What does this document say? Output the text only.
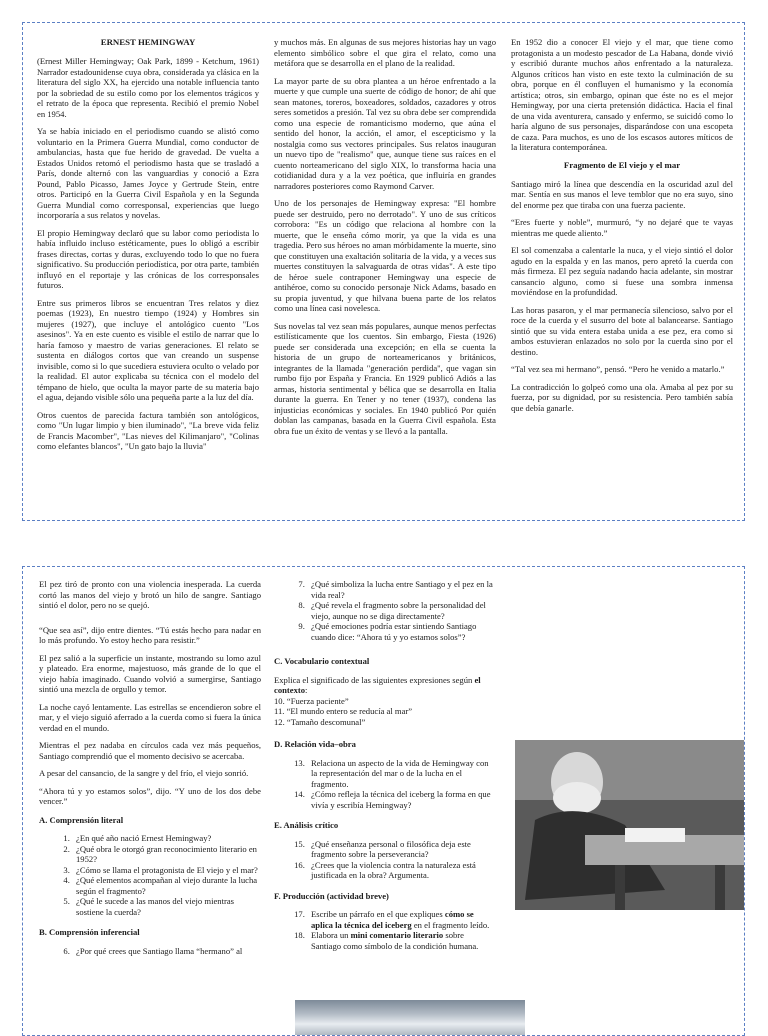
ERNEST HEMINGWAY

(Ernest Miller Hemingway; Oak Park, 1899 - Ketchum, 1961) Narrador estadounidense cuya obra, considerada ya clásica en la literatura del siglo XX, ha ejercido una notable influencia tanto por la sobriedad de su estilo como por los elementos trágicos y el retrato de la época que representa. Recibió el premio Nobel en 1954.

Ya se había iniciado en el periodismo cuando se alistó como voluntario en la Primera Guerra Mundial, como conductor de ambulancias, hasta que fue herido de gravedad. De vuelta a Estados Unidos retomó el periodismo hasta que se trasladó a París, donde alternó con las vanguardias y conoció a Ezra Pound, Pablo Picasso, James Joyce y Gertrude Stein, entre otros. Participó en la Guerra Civil Española y en la Segunda Guerra Mundial como corresponsal, experiencias que luego incorporaría a sus relatos y novelas.

El propio Hemingway declaró que su labor como periodista lo había influido incluso estéticamente, pues lo obligó a escribir frases directas, cortas y duras, excluyendo todo lo que no fuera significativo. Su producción periodística, por otra parte, también influyó en el reportaje y las crónicas de los corresponsales futuros.

Entre sus primeros libros se encuentran Tres relatos y diez poemas (1923), En nuestro tiempo (1924) y Hombres sin mujeres (1927), que incluye el antológico cuento "Los asesinos". Ya en este cuento es visible el estilo de narrar que lo haría famoso y maestro de varias generaciones. El relato se sustenta en diálogos cortos que van creando un suspense invisible, como si lo que sucediera estuviera oculto o velado por la realidad. El autor explicaba su técnica con el modelo del témpano de hielo, que oculta la mayor parte de su materia bajo el agua, dejando visible sólo una pequeña parte a la luz del día.

Otros cuentos de parecida factura también son antológicos, como "Un lugar limpio y bien iluminado", "La breve vida feliz de Francis Macomber", "Las nieves del Kilimanjaro", "Colinas como elefantes blancos", "Un gato bajo la lluvia"

y muchos más. En algunas de sus mejores historias hay un vago elemento simbólico sobre el que gira el relato, como una metáfora que se desarrolla en el plano de la realidad.

La mayor parte de su obra plantea a un héroe enfrentado a la muerte y que cumple una suerte de código de honor; de ahí que sean matones, toreros, boxeadores, soldados, cazadores y otros seres sometidos a presión. Tal vez su obra debe ser comprendida como una especie de romanticismo moderno, que aúna el sentido del honor, la acción, el amor, el escepticismo y la nostalgia como sus vectores principales. Sus relatos inauguran un nuevo tipo de "realismo" que, aunque tiene sus raíces en el cuento norteamericano del siglo XIX, lo transforma hacia una cotidianidad dura y a la vez poética, que influiría en grandes narradores posteriores como Raymond Carver.

Uno de los personajes de Hemingway expresa: "El hombre puede ser destruido, pero no derrotado". Y uno de sus críticos corrobora: "Es un código que relaciona al hombre con la muerte, que le enseña cómo morir, ya que la vida es una tragedia. Pero sus héroes no aman mórbidamente la muerte, sino que constituyen una exaltación solitaria de la vida, y a veces sus muertes constituyen la salvaguarda de otras vidas". A este tipo de héroe suele contraponer Hemingway una especie de antihéroe, como su conocido personaje Nick Adams, basado en su propia juventud, y que hilvana buena parte de los relatos como una línea casi novelesca.

Sus novelas tal vez sean más populares, aunque menos perfectas estilísticamente que los cuentos. Sin embargo, Fiesta (1926) puede ser considerada una excepción; en ella se cuenta la historia de un grupo de norteamericanos y británicos, integrantes de la llamada "generación perdida", que vagan sin rumbo fijo por España y Francia. En 1929 publicó Adiós a las armas, historia sentimental y bélica que se desarrolla en Italia durante la guerra. En Tener y no tener (1937), condena las injusticias económicas y sociales. En 1940 publicó Por quién doblan las campanas, basada en la Guerra Civil española. Esta obra fue un éxito de ventas y se llevó a la pantalla.

En 1952 dio a conocer El viejo y el mar, que tiene como protagonista a un modesto pescador de La Habana, donde vivió y escribió durante muchos años enfrentado a la naturaleza. Algunos críticos han visto en este texto la culminación de su obra, porque en él confluyen el humanismo y la economía artística; otros, sin embargo, opinan que éste no es el mejor Hemingway, por una cierta pretensión didáctica. Hacia el final de una vida aventurera, cansado y enfermo, se suicidó como lo haría alguno de sus personajes, disparándose con una escopeta de caza. Para muchos, es uno de los escasos autores míticos de la literatura contemporánea.

Fragmento de El viejo y el mar

Santiago miró la línea que descendía en la oscuridad azul del mar. Sentía en sus manos el leve temblor que no era suyo, sino del enorme pez que tiraba con una fuerza paciente.

“Eres fuerte y noble”, murmuró, “y no dejaré que te vayas mientras me quede aliento.”

El sol comenzaba a calentarle la nuca, y el viejo sintió el dolor agudo en la espalda y en las manos, pero apretó la cuerda con más firmeza. El pez seguía nadando hacia adelante, sin mostrar cansancio alguno, como si fuese una sombra inmensa moviéndose en la profundidad.

Las horas pasaron, y el mar permanecía silencioso, salvo por el roce de la cuerda y el susurro del bote al balancearse. Santiago sintió que su vida entera estaba unida a ese pez, era como si ambos estuvieran enlazados no solo por la cuerda sino por el destino.

“Tal vez sea mi hermano”, pensó. “Pero he venido a matarlo.”

La contradicción lo golpeó como una ola. Amaba al pez por su fuerza, por su dignidad, por su resistencia. Pero también sabía que debía ganarle.

El pez tiró de pronto con una violencia inesperada. La cuerda cortó las manos del viejo y brotó un hilo de sangre. Santiago sintió el dolor, pero no se quejó.

“Que sea así”, dijo entre dientes. “Tú estás hecho para nadar en lo más profundo. Yo estoy hecho para resistir.”

El pez salió a la superficie un instante, mostrando su lomo azul y plateado. Era enorme, majestuoso, más grande de lo que el viejo había imaginado. Cuando volvió a sumergirse, Santiago sintió una mezcla de orgullo y temor.

La noche cayó lentamente. Las estrellas se encendieron sobre el mar, y el viejo siguió aferrado a la cuerda como si fuera la única verdad en el mundo.

Mientras el pez nadaba en círculos cada vez más pequeños, Santiago comprendió que el momento decisivo se acercaba.

A pesar del cansancio, de la sangre y del frío, el viejo sonrió.

“Ahora tú y yo estamos solos”, dijo. “Y uno de los dos debe vencer.”

A. Comprensión literal
1. ¿En qué año nació Ernest Hemingway?
2. ¿Qué obra le otorgó gran reconocimiento literario en 1952?
3. ¿Cómo se llama el protagonista de El viejo y el mar?
4. ¿Qué elementos acompañan al viejo durante la lucha según el fragmento?
5. ¿Qué le sucede a las manos del viejo mientras sostiene la cuerda?
B. Comprensión inferencial
6. ¿Por qué crees que Santiago llama “hermano” al
7. ¿Qué simboliza la lucha entre Santiago y el pez en la vida real?
8. ¿Qué revela el fragmento sobre la personalidad del viejo, aunque no se diga directamente?
9. ¿Qué emociones podría estar sintiendo Santiago cuando dice: “Ahora tú y yo estamos solos”?
C. Vocabulario contextual
Explica el significado de las siguientes expresiones según el contexto:
10. “Fuerza paciente”
11. “El mundo entero se reducía al mar”
12. “Tamaño descomunal”
D. Relación vida–obra
13. Relaciona un aspecto de la vida de Hemingway con la representación del mar o de la lucha en el fragmento.
14. ¿Cómo refleja la técnica del iceberg la forma en que vivía y escribía Hemingway?
E. Análisis crítico
15. ¿Qué enseñanza personal o filosófica deja este fragmento sobre la perseverancia?
16. ¿Crees que la violencia contra la naturaleza está justificada en la obra? Argumenta.
F. Producción (actividad breve)
17. Escribe un párrafo en el que expliques cómo se aplica la técnica del iceberg en el fragmento leído.
18. Elabora un mini comentario literario sobre Santiago como símbolo de la condición humana.
